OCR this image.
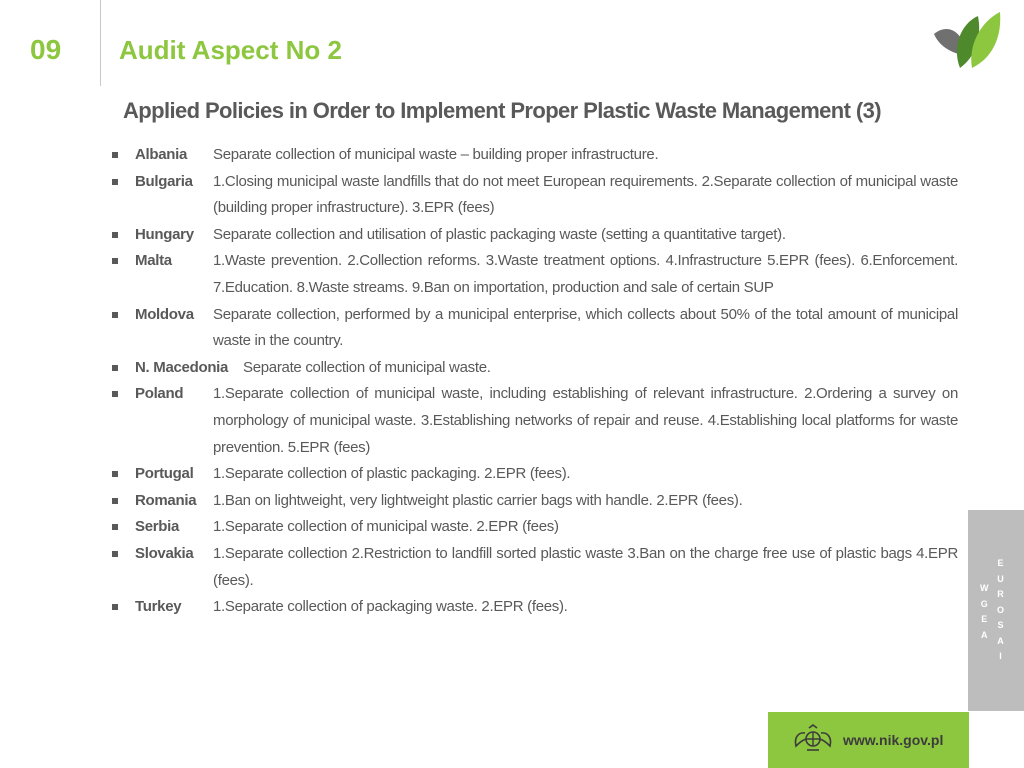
09 Audit Aspect No 2
Applied Policies in Order to Implement Proper Plastic Waste Management (3)
Albania Separate collection of municipal waste – building proper infrastructure.
Bulgaria 1.Closing municipal waste landfills that do not meet European requirements. 2.Separate collection of municipal waste (building proper infrastructure). 3.EPR (fees)
Hungary Separate collection and utilisation of plastic packaging waste (setting a quantitative target).
Malta	1.Waste prevention. 2.Collection reforms. 3.Waste treatment options. 4.Infrastructure 5.EPR (fees). 6.Enforcement. 7.Education. 8.Waste streams. 9.Ban on importation, production and sale of certain SUP
Moldova Separate collection, performed by a municipal enterprise, which collects about 50% of the total amount of municipal waste in the country.
N. Macedonia Separate collection of municipal waste.
Poland 1.Separate collection of municipal waste, including establishing of relevant infrastructure. 2.Ordering a survey on morphology of municipal waste. 3.Establishing networks of repair and reuse. 4.Establishing local platforms for waste prevention. 5.EPR (fees)
Portugal 1.Separate collection of plastic packaging. 2.EPR (fees).
Romania 1.Ban on lightweight, very lightweight plastic carrier bags with handle. 2.EPR (fees).
Serbia 1.Separate collection of municipal waste. 2.EPR (fees)
Slovakia 1.Separate collection 2.Restriction to landfill sorted plastic waste 3.Ban on the charge free use of plastic bags 4.EPR (fees).
Turkey 1.Separate collection of packaging waste. 2.EPR (fees).
W
G
E
A
E
U
R
O
S
A
I
www.nik.gov.pl
